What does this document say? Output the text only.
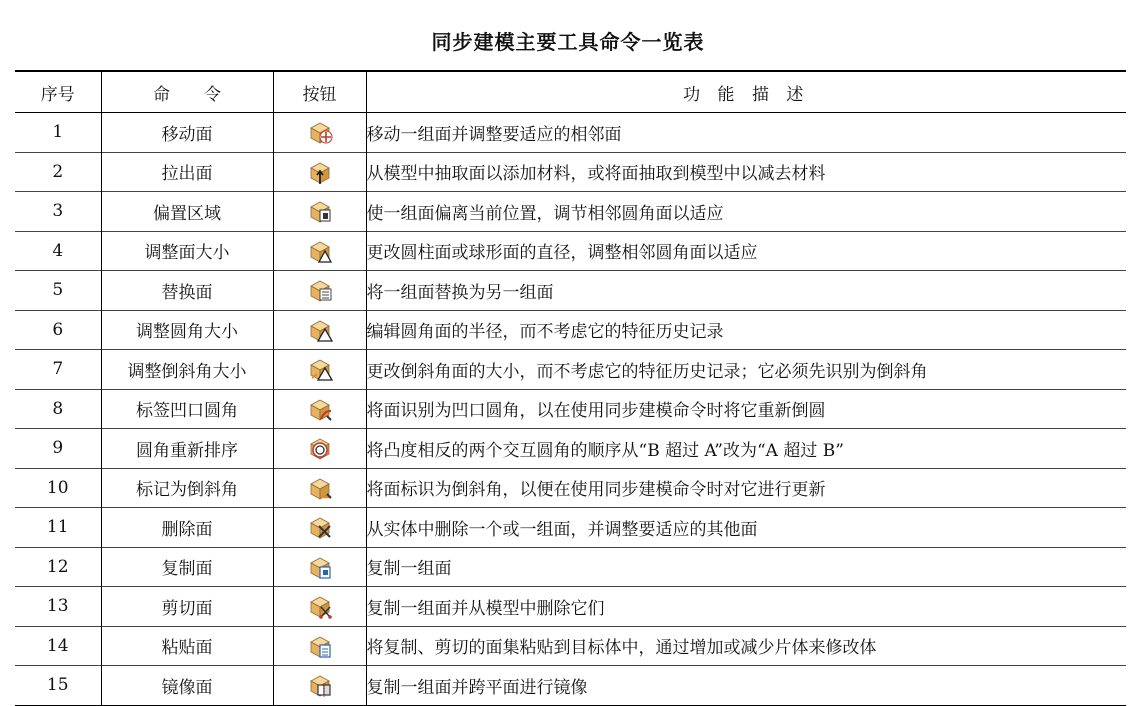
同步建模主要工具命令一览表
序号	命　　令	按钮	功 能 描 述
1	移动面		移动一组面并调整要适应的相邻面
2	拉出面		从模型中抽取面以添加材料，或将面抽取到模型中以减去材料
3	偏置区域		使一组面偏离当前位置，调节相邻圆角面以适应
4	调整面大小		更改圆柱面或球形面的直径，调整相邻圆角面以适应
5	替换面		将一组面替换为另一组面
6	调整圆角大小		编辑圆角面的半径，而不考虑它的特征历史记录
7	调整倒斜角大小		更改倒斜角面的大小，而不考虑它的特征历史记录；它必须先识别为倒斜角
8	标签凹口圆角		将面识别为凹口圆角，以在使用同步建模命令时将它重新倒圆
9	圆角重新排序		将凸度相反的两个交互圆角的顺序从“B 超过 A”改为“A 超过 B”
10	标记为倒斜角		将面标识为倒斜角，以便在使用同步建模命令时对它进行更新
11	删除面		从实体中删除一个或一组面，并调整要适应的其他面
12	复制面		复制一组面
13	剪切面		复制一组面并从模型中删除它们
14	粘贴面		将复制、剪切的面集粘贴到目标体中，通过增加或减少片体来修改体
15	镜像面		复制一组面并跨平面进行镜像
